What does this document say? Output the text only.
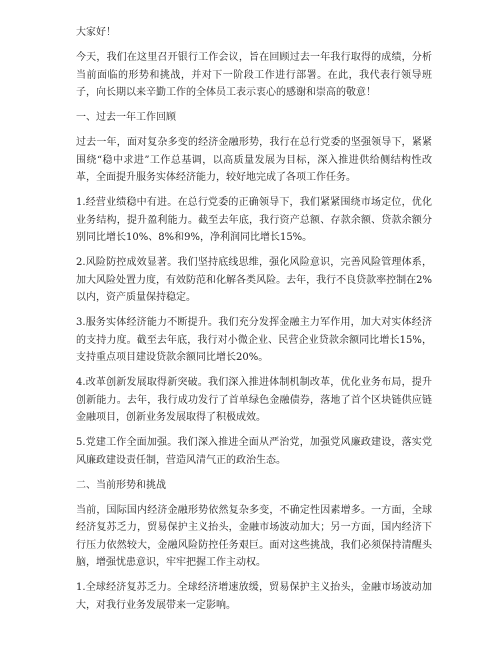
大家好！

今天，我们在这里召开银行工作会议，旨在回顾过去一年我行取得的成绩，分析当前面临的形势和挑战，并对下一阶段工作进行部署。在此，我代表行领导班子，向长期以来辛勤工作的全体员工表示衷心的感谢和崇高的敬意！

一、过去一年工作回顾

过去一年，面对复杂多变的经济金融形势，我行在总行党委的坚强领导下，紧紧围绕“稳中求进”工作总基调，以高质量发展为目标，深入推进供给侧结构性改革，全面提升服务实体经济能力，较好地完成了各项工作任务。

1.经营业绩稳中有进。在总行党委的正确领导下，我们紧紧围绕市场定位，优化业务结构，提升盈利能力。截至去年底，我行资产总额、存款余额、贷款余额分别同比增长10%、8%和9%，净利润同比增长15%。

2.风险防控成效显著。我们坚持底线思维，强化风险意识，完善风险管理体系，加大风险处置力度，有效防范和化解各类风险。去年，我行不良贷款率控制在2%以内，资产质量保持稳定。

3.服务实体经济能力不断提升。我们充分发挥金融主力军作用，加大对实体经济的支持力度。截至去年底，我行对小微企业、民营企业贷款余额同比增长15%，支持重点项目建设贷款余额同比增长20%。

4.改革创新发展取得新突破。我们深入推进体制机制改革，优化业务布局，提升创新能力。去年，我行成功发行了首单绿色金融债券，落地了首个区块链供应链金融项目，创新业务发展取得了积极成效。

5.党建工作全面加强。我们深入推进全面从严治党，加强党风廉政建设，落实党风廉政建设责任制，营造风清气正的政治生态。

二、当前形势和挑战

当前，国际国内经济金融形势依然复杂多变，不确定性因素增多。一方面，全球经济复苏乏力，贸易保护主义抬头，金融市场波动加大；另一方面，国内经济下行压力依然较大，金融风险防控任务艰巨。面对这些挑战，我们必须保持清醒头脑，增强忧患意识，牢牢把握工作主动权。

1.全球经济复苏乏力。全球经济增速放缓，贸易保护主义抬头，金融市场波动加大，对我行业务发展带来一定影响。
